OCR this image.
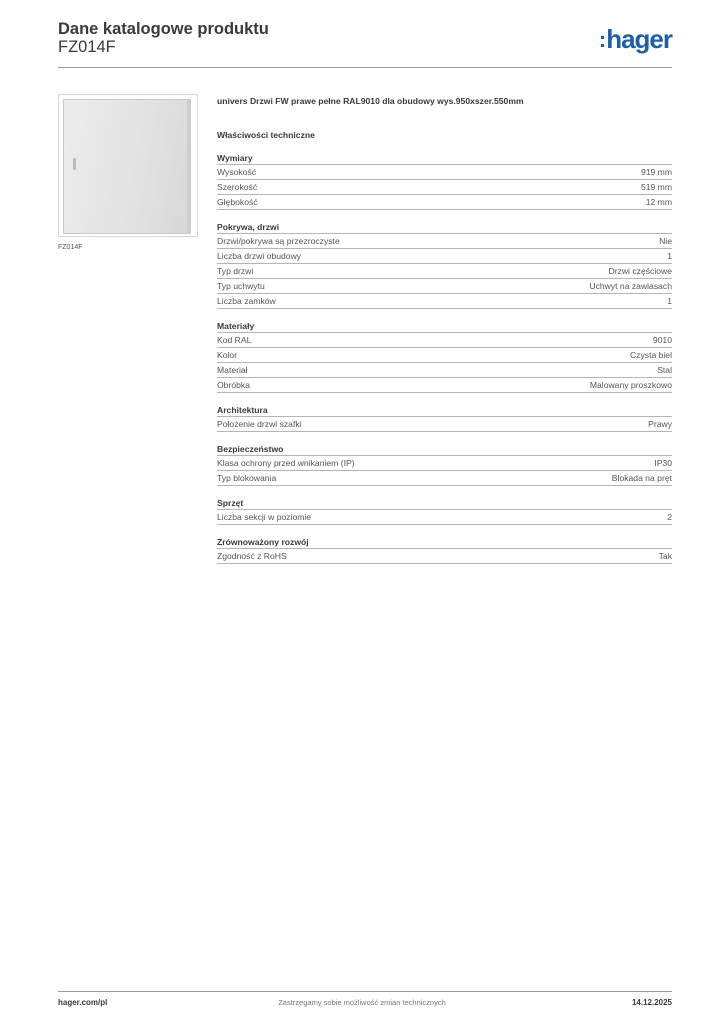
Dane katalogowe produktu
FZ014F	: hager
FZ014F
univers Drzwi FW prawe pełne RAL9010 dla obudowy wys.950xszer.550mm
Właściwości techniczne
Wymiary
Wysokość	919 mm
Szerokość	519 mm
Głębokość	12 mm
Pokrywa, drzwi
Drzwi/pokrywa są przezroczyste	Nie
Liczba drzwi obudowy	1
Typ drzwi	Drzwi częściowe
Typ uchwytu	Uchwyt na zawiasach
Liczba zamków	1
Materiały
Kod RAL	9010
Kolor	Czysta biel
Materiał	Stal
Obróbka	Malowany proszkowo
Architektura
Położenie drzwi szafki	Prawy
Bezpieczeństwo
Klasa ochrony przed wnikaniem (IP)	IP30
Typ blokowania	Blokada na pręt
Sprzęt
Liczba sekcji w poziomie	2
Zrównoważony rozwój
Zgodność z RoHS	Tak
hager.com/pl	Zastrzegamy sobie możliwość zmian technicznych	14.12.2025
